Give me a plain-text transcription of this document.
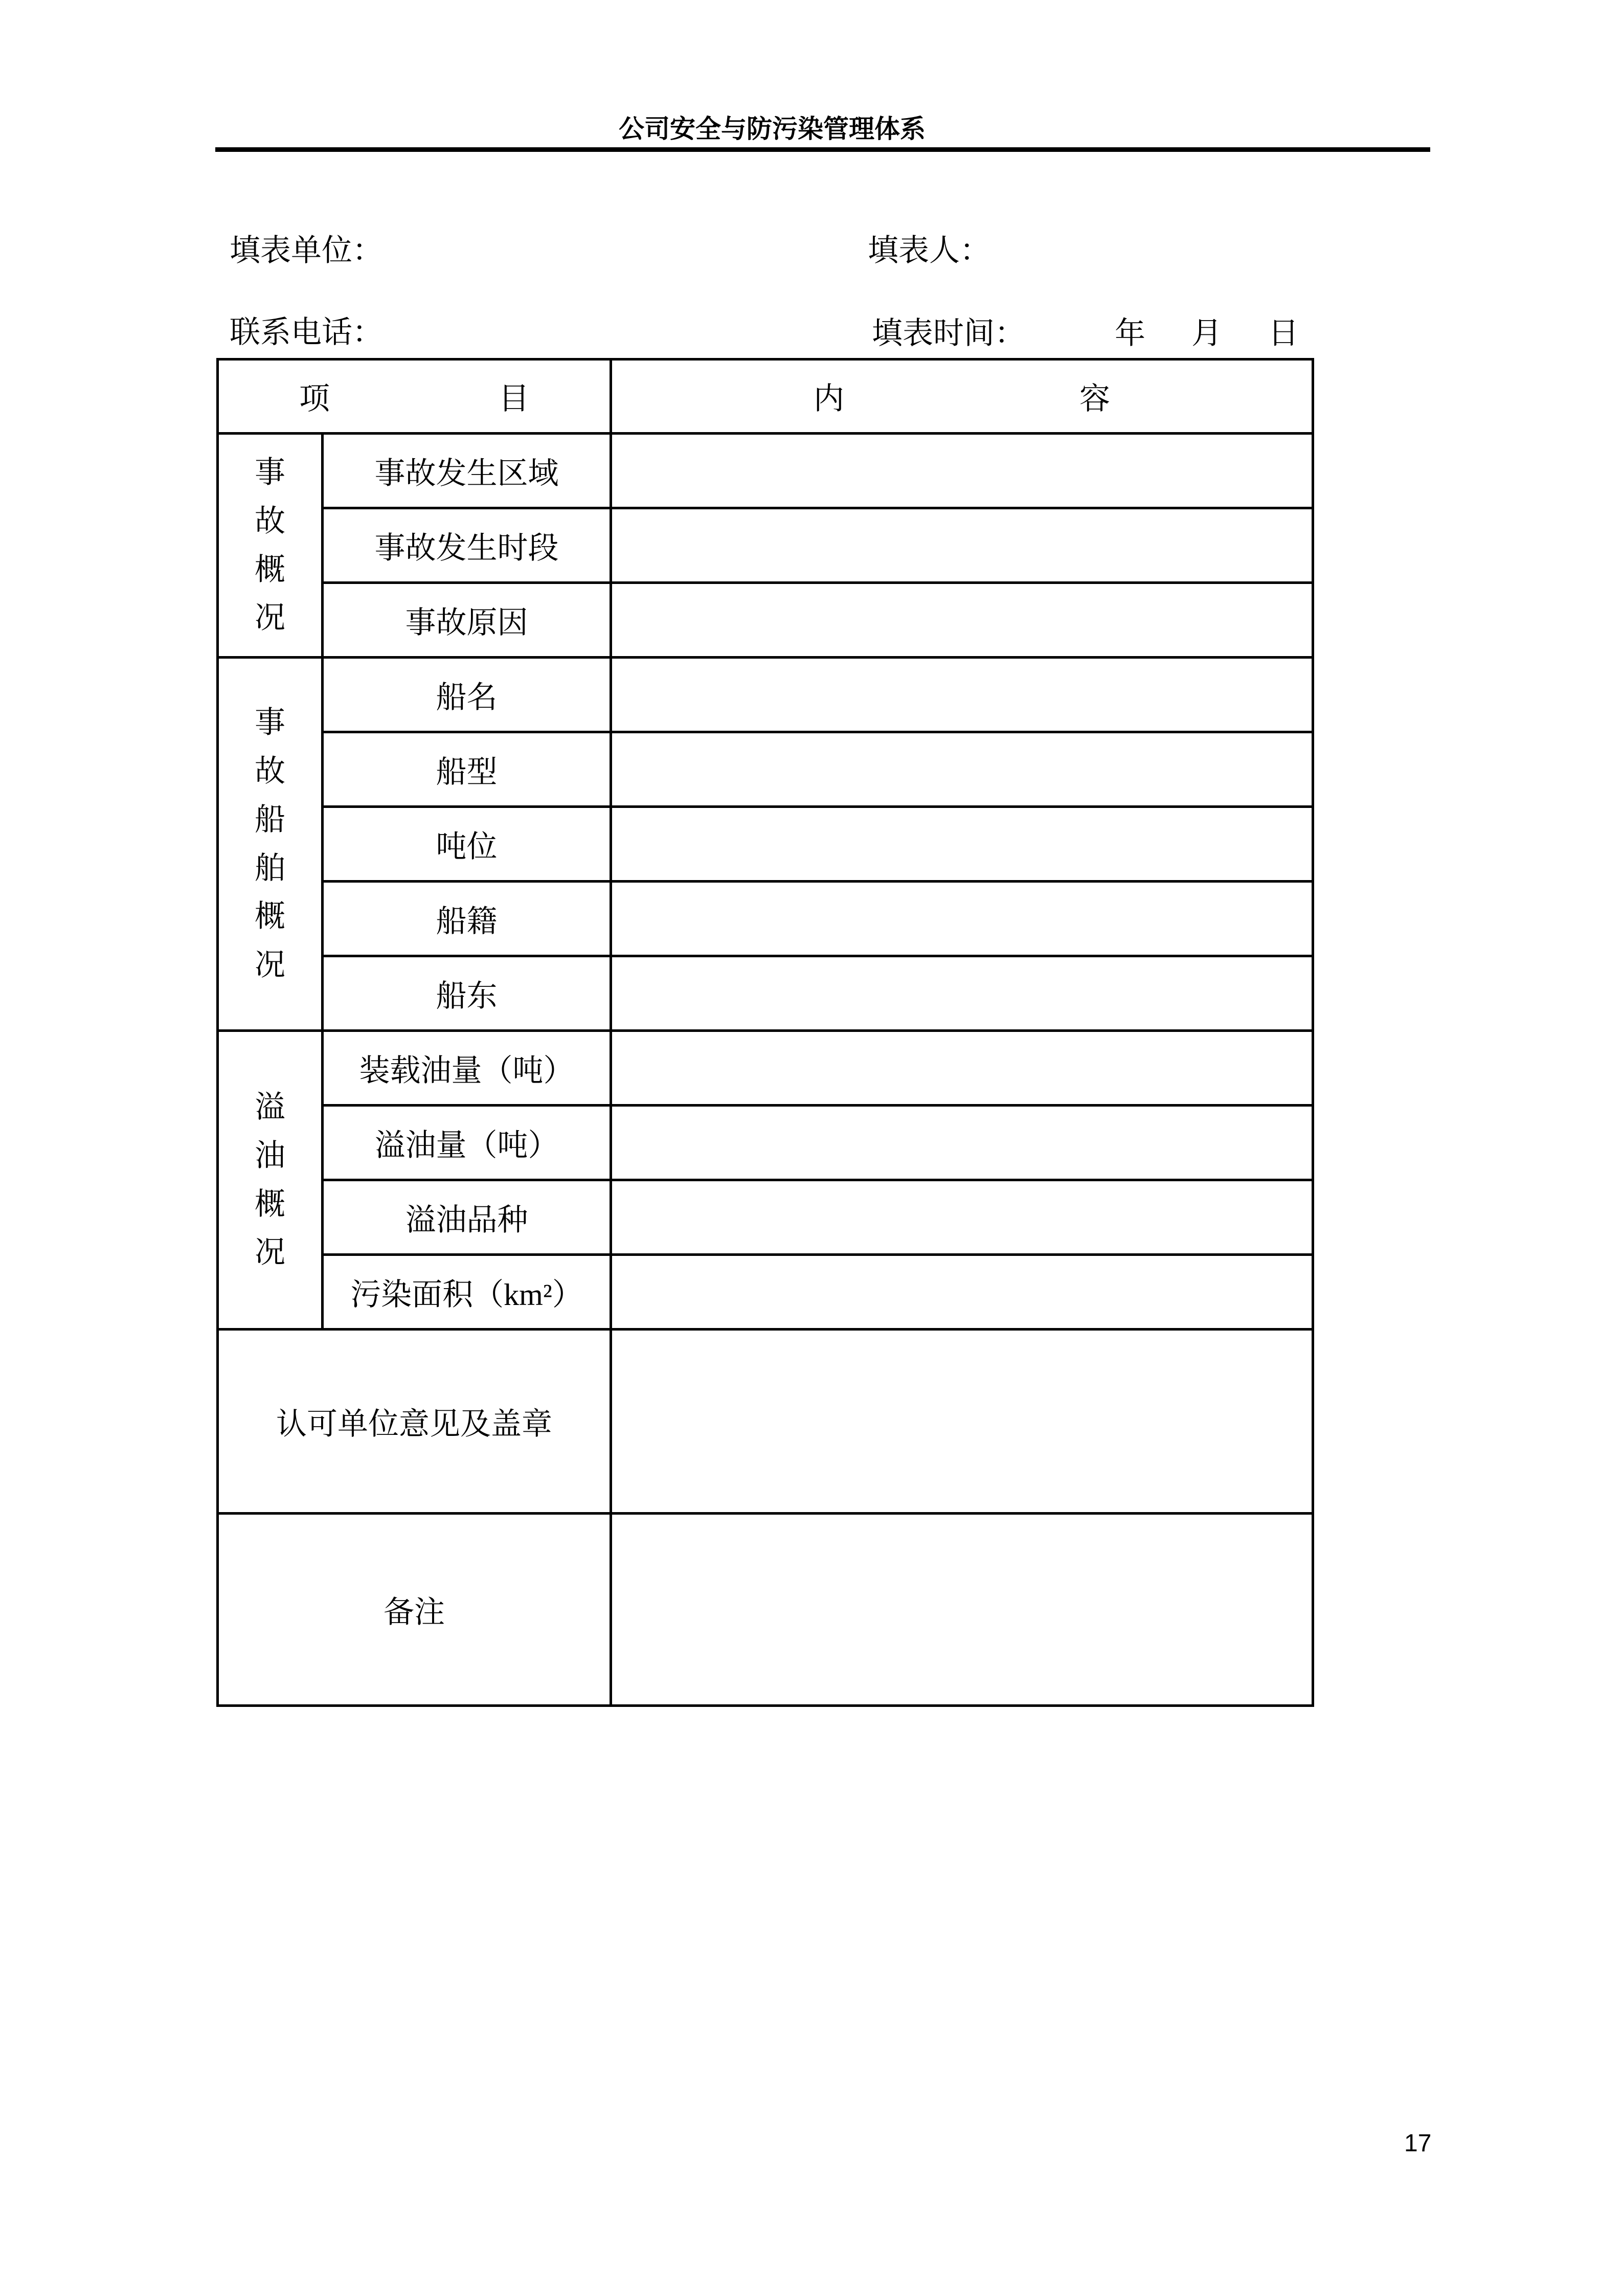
公司安全与防污染管理体系
填表单位：	填表人：
联系电话：	填表时间：	年 月 日
项 目		内 容

事故概况	事故发生区域	
	事故发生时段	
	事故原因	
事故船舶概况	船名	
	船型	
	吨位	
	船籍	
	船东	
溢油概况	装载油量（吨）	
	溢油量（吨）	
	溢油品种	
	污染面积（km²）	
认可单位意见及盖章		
备注		
17
